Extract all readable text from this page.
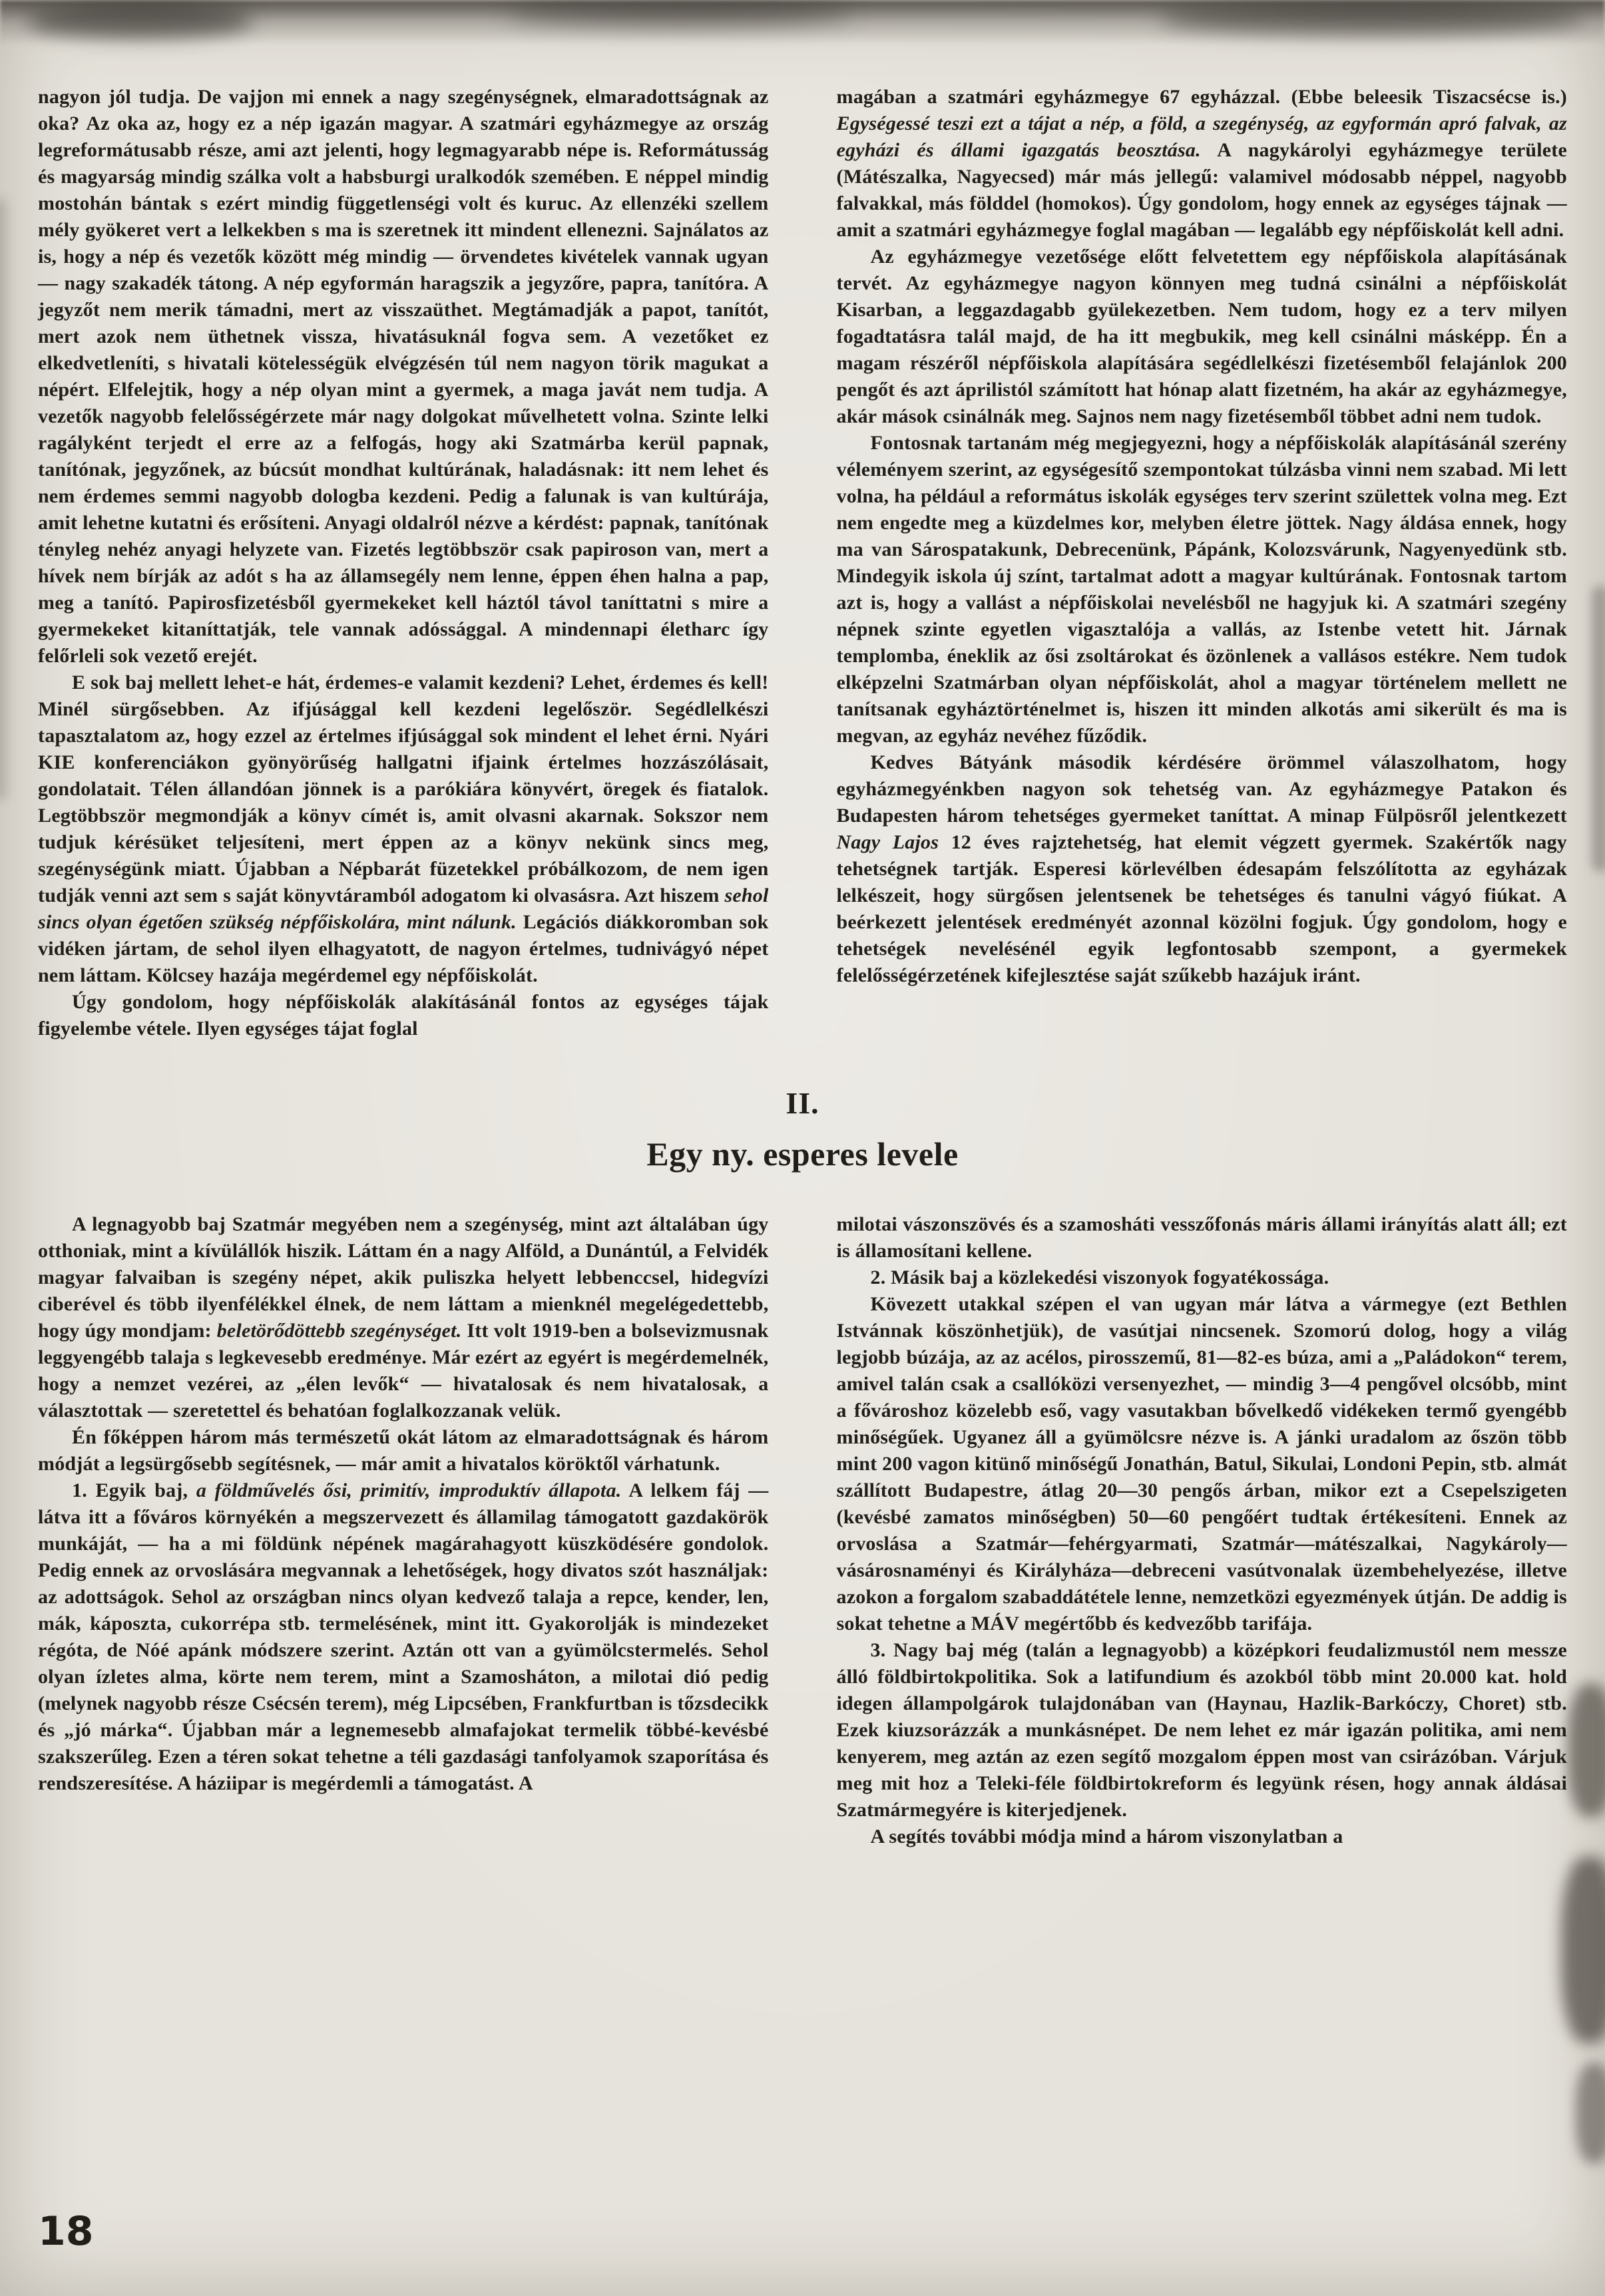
nagyon jól tudja. De vajjon mi ennek a nagy szegénységnek, elmaradottságnak az oka? Az oka az, hogy ez a nép igazán magyar. A szatmári egyházmegye az ország legreformátusabb része, ami azt jelenti, hogy legmagyarabb népe is. Reformátusság és magyarság mindig szálka volt a habsburgi uralkodók szemében. E néppel mindig mostohán bántak s ezért mindig függetlenségi volt és kuruc. Az ellenzéki szellem mély gyökeret vert a lelkekben s ma is szeretnek itt mindent ellenezni. Sajnálatos az is, hogy a nép és vezetők között még mindig — örvendetes kivételek vannak ugyan — nagy szakadék tátong. A nép egyformán haragszik a jegyzőre, papra, tanítóra. A jegyzőt nem merik támadni, mert az visszaüthet. Megtámadják a papot, tanítót, mert azok nem üthetnek vissza, hivatásuknál fogva sem. A vezetőket ez elkedvetleníti, s hivatali kötelességük elvégzésén túl nem nagyon törik magukat a népért. Elfelejtik, hogy a nép olyan mint a gyermek, a maga javát nem tudja. A vezetők nagyobb felelősségérzete már nagy dolgokat művelhetett volna. Szinte lelki ragályként terjedt el erre az a felfogás, hogy aki Szatmárba kerül papnak, tanítónak, jegyzőnek, az búcsút mondhat kultúrának, haladásnak: itt nem lehet és nem érdemes semmi nagyobb dologba kezdeni. Pedig a falunak is van kultúrája, amit lehetne kutatni és erősíteni. Anyagi oldalról nézve a kérdést: papnak, tanítónak tényleg nehéz anyagi helyzete van. Fizetés legtöbbször csak papiroson van, mert a hívek nem bírják az adót s ha az államsegély nem lenne, éppen éhen halna a pap, meg a tanító. Papirosfizetésből gyermekeket kell háztól távol taníttatni s mire a gyermekeket kitaníttatják, tele vannak adóssággal. A mindennapi életharc így felőrleli sok vezető erejét.

E sok baj mellett lehet-e hát, érdemes-e valamit kezdeni? Lehet, érdemes és kell! Minél sürgősebben. Az ifjúsággal kell kezdeni legelőször. Segédlelkészi tapasztalatom az, hogy ezzel az értelmes ifjúsággal sok mindent el lehet érni. Nyári KIE konferenciákon gyönyörűség hallgatni ifjaink értelmes hozzászólásait, gondolatait. Télen állandóan jönnek is a parókiára könyvért, öregek és fiatalok. Legtöbbször megmondják a könyv címét is, amit olvasni akarnak. Sokszor nem tudjuk kérésüket teljesíteni, mert éppen az a könyv nekünk sincs meg, szegénységünk miatt. Újabban a Népbarát füzetekkel próbálkozom, de nem igen tudják venni azt sem s saját könyvtáramból adogatom ki olvasásra. Azt hiszem sehol sincs olyan égetően szükség népfőiskolára, mint nálunk. Legációs diákkoromban sok vidéken jártam, de sehol ilyen elhagyatott, de nagyon értelmes, tudnivágyó népet nem láttam. Kölcsey hazája megérdemel egy népfőiskolát.

Úgy gondolom, hogy népfőiskolák alakításánál fontos az egységes tájak figyelembe vétele. Ilyen egységes tájat foglal

magában a szatmári egyházmegye 67 egyházzal. (Ebbe beleesik Tiszacsécse is.) Egységessé teszi ezt a tájat a nép, a föld, a szegénység, az egyformán apró falvak, az egyházi és állami igazgatás beosztása. A nagykárolyi egyházmegye területe (Mátészalka, Nagyecsed) már más jellegű: valamivel módosabb néppel, nagyobb falvakkal, más földdel (homokos). Úgy gondolom, hogy ennek az egységes tájnak — amit a szatmári egyházmegye foglal magában — legalább egy népfőiskolát kell adni.

Az egyházmegye vezetősége előtt felvetettem egy népfőiskola alapításának tervét. Az egyházmegye nagyon könnyen meg tudná csinálni a népfőiskolát Kisarban, a leggazdagabb gyülekezetben. Nem tudom, hogy ez a terv milyen fogadtatásra talál majd, de ha itt megbukik, meg kell csinálni másképp. Én a magam részéről népfőiskola alapítására segédlelkészi fizetésemből felajánlok 200 pengőt és azt áprilistól számított hat hónap alatt fizetném, ha akár az egyházmegye, akár mások csinálnák meg. Sajnos nem nagy fizetésemből többet adni nem tudok.

Fontosnak tartanám még megjegyezni, hogy a népfőiskolák alapításánál szerény véleményem szerint, az egységesítő szempontokat túlzásba vinni nem szabad. Mi lett volna, ha például a református iskolák egységes terv szerint születtek volna meg. Ezt nem engedte meg a küzdelmes kor, melyben életre jöttek. Nagy áldása ennek, hogy ma van Sárospatakunk, Debrecenünk, Pápánk, Kolozsvárunk, Nagyenyedünk stb. Mindegyik iskola új színt, tartalmat adott a magyar kultúrának. Fontosnak tartom azt is, hogy a vallást a népfőiskolai nevelésből ne hagyjuk ki. A szatmári szegény népnek szinte egyetlen vigasztalója a vallás, az Istenbe vetett hit. Járnak templomba, éneklik az ősi zsoltárokat és özönlenek a vallásos estékre. Nem tudok elképzelni Szatmárban olyan népfőiskolát, ahol a magyar történelem mellett ne tanítsanak egyháztörténelmet is, hiszen itt minden alkotás ami sikerült és ma is megvan, az egyház nevéhez fűződik.

Kedves Bátyánk második kérdésére örömmel válaszolhatom, hogy egyházmegyénkben nagyon sok tehetség van. Az egyházmegye Patakon és Budapesten három tehetséges gyermeket taníttat. A minap Fülpösről jelentkezett Nagy Lajos 12 éves rajztehetség, hat elemit végzett gyermek. Szakértők nagy tehetségnek tartják. Esperesi körlevélben édesapám felszólította az egyházak lelkészeit, hogy sürgősen jelentsenek be tehetséges és tanulni vágyó fiúkat. A beérkezett jelentések eredményét azonnal közölni fogjuk. Úgy gondolom, hogy e tehetségek nevelésénél egyik legfontosabb szempont, a gyermekek felelősségérzetének kifejlesztése saját szűkebb hazájuk iránt.

II.
Egy ny. esperes levele

A legnagyobb baj Szatmár megyében nem a szegénység, mint azt általában úgy otthoniak, mint a kívülállók hiszik. Láttam én a nagy Alföld, a Dunántúl, a Felvidék magyar falvaiban is szegény népet, akik puliszka helyett lebbenccsel, hidegvízi ciberével és több ilyenfélékkel élnek, de nem láttam a mienknél megelégedettebb, hogy úgy mondjam: beletörődöttebb szegénységet. Itt volt 1919-ben a bolsevizmusnak leggyengébb talaja s legkevesebb eredménye. Már ezért az egyért is megérdemelnék, hogy a nemzet vezérei, az „élen levők“ — hivatalosak és nem hivatalosak, a választottak — szeretettel és behatóan foglalkozzanak velük.

Én főképpen három más természetű okát látom az elmaradottságnak és három módját a legsürgősebb segítésnek, — már amit a hivatalos köröktől várhatunk.

1. Egyik baj, a földművelés ősi, primitív, improduktív állapota. A lelkem fáj — látva itt a főváros környékén a megszervezett és államilag támogatott gazdakörök munkáját, — ha a mi földünk népének magárahagyott küszködésére gondolok. Pedig ennek az orvoslására megvannak a lehetőségek, hogy divatos szót használjak: az adottságok. Sehol az országban nincs olyan kedvező talaja a repce, kender, len, mák, káposzta, cukorrépa stb. termelésének, mint itt. Gyakorolják is mindezeket régóta, de Nóé apánk módszere szerint. Aztán ott van a gyümölcstermelés. Sehol olyan ízletes alma, körte nem terem, mint a Szamosháton, a milotai dió pedig (melynek nagyobb része Csécsén terem), még Lipcsében, Frankfurtban is tőzsdecikk és „jó márka“. Újabban már a legnemesebb almafajokat termelik többé-kevésbé szakszerűleg. Ezen a téren sokat tehetne a téli gazdasági tanfolyamok szaporítása és rendszeresítése. A háziipar is megérdemli a támogatást. A

milotai vászonszövés és a szamosháti vesszőfonás máris állami irányítás alatt áll; ezt is államosítani kellene.

2. Másik baj a közlekedési viszonyok fogyatékossága.

Kövezett utakkal szépen el van ugyan már látva a vármegye (ezt Bethlen Istvánnak köszönhetjük), de vasútjai nincsenek. Szomorú dolog, hogy a világ legjobb búzája, az az acélos, pirosszemű, 81—82-es búza, ami a „Paládokon“ terem, amivel talán csak a csallóközi versenyezhet, — mindig 3—4 pengővel olcsóbb, mint a fővároshoz közelebb eső, vagy vasutakban bővelkedő vidékeken termő gyengébb minőségűek. Ugyanez áll a gyümölcsre nézve is. A jánki uradalom az őszön több mint 200 vagon kitünő minőségű Jonathán, Batul, Sikulai, Londoni Pepin, stb. almát szállított Budapestre, átlag 20—30 pengős árban, mikor ezt a Csepelszigeten (kevésbé zamatos minőségben) 50—60 pengőért tudtak értékesíteni. Ennek az orvoslása a Szatmár—fehérgyarmati, Szatmár—mátészalkai, Nagykároly—vásárosnaményi és Királyháza—debreceni vasútvonalak üzembehelyezése, illetve azokon a forgalom szabaddátétele lenne, nemzetközi egyezmények útján. De addig is sokat tehetne a MÁV megértőbb és kedvezőbb tarifája.

3. Nagy baj még (talán a legnagyobb) a középkori feudalizmustól nem messze álló földbirtokpolitika. Sok a latifundium és azokból több mint 20.000 kat. hold idegen állampolgárok tulajdonában van (Haynau, Hazlik-Barkóczy, Choret) stb. Ezek kiuzsorázzák a munkásnépet. De nem lehet ez már igazán politika, ami nem kenyerem, meg aztán az ezen segítő mozgalom éppen most van csirázóban. Várjuk meg mit hoz a Teleki-féle földbirtokreform és legyünk résen, hogy annak áldásai Szatmármegyére is kiterjedjenek.

A segítés további módja mind a három viszonylatban a

18
